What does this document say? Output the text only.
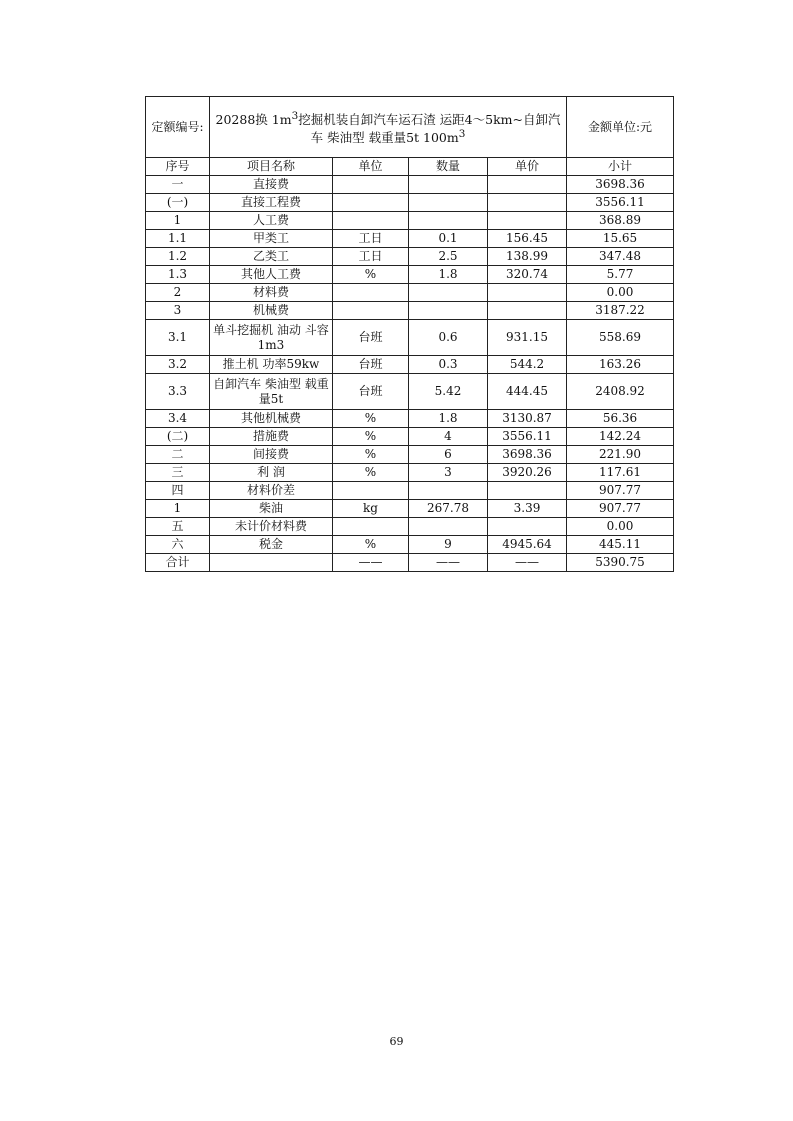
定额编号:	20288换 $1m^3$挖掘机装自卸汽车运石渣 运距4～5km~自卸汽车 柴油型 载重量5t $100m^3$				金额单位:元
序号	项目名称	单位	数量	单价	小计
一	直接费				3698.36
(一)	直接工程费				3556.11
1	人工费				368.89
1.1	甲类工	工日	0.1	156.45	15.65
1.2	乙类工	工日	2.5	138.99	347.48
1.3	其他人工费	%	1.8	320.74	5.77
2	材料费				0.00
3	机械费				3187.22
3.1	单斗挖掘机 油动 斗容1m3	台班	0.6	931.15	558.69
3.2	推土机 功率59kw	台班	0.3	544.2	163.26
3.3	自卸汽车 柴油型 载重量5t	台班	5.42	444.45	2408.92
3.4	其他机械费	%	1.8	3130.87	56.36
(二)	措施费	%	4	3556.11	142.24
二	间接费	%	6	3698.36	221.90
三	利 润	%	3	3920.26	117.61
四	材料价差				907.77
1	柴油	kg	267.78	3.39	907.77
五	未计价材料费				0.00
六	税金	%	9	4945.64	445.11
合计		——	——	——	5390.75
69
